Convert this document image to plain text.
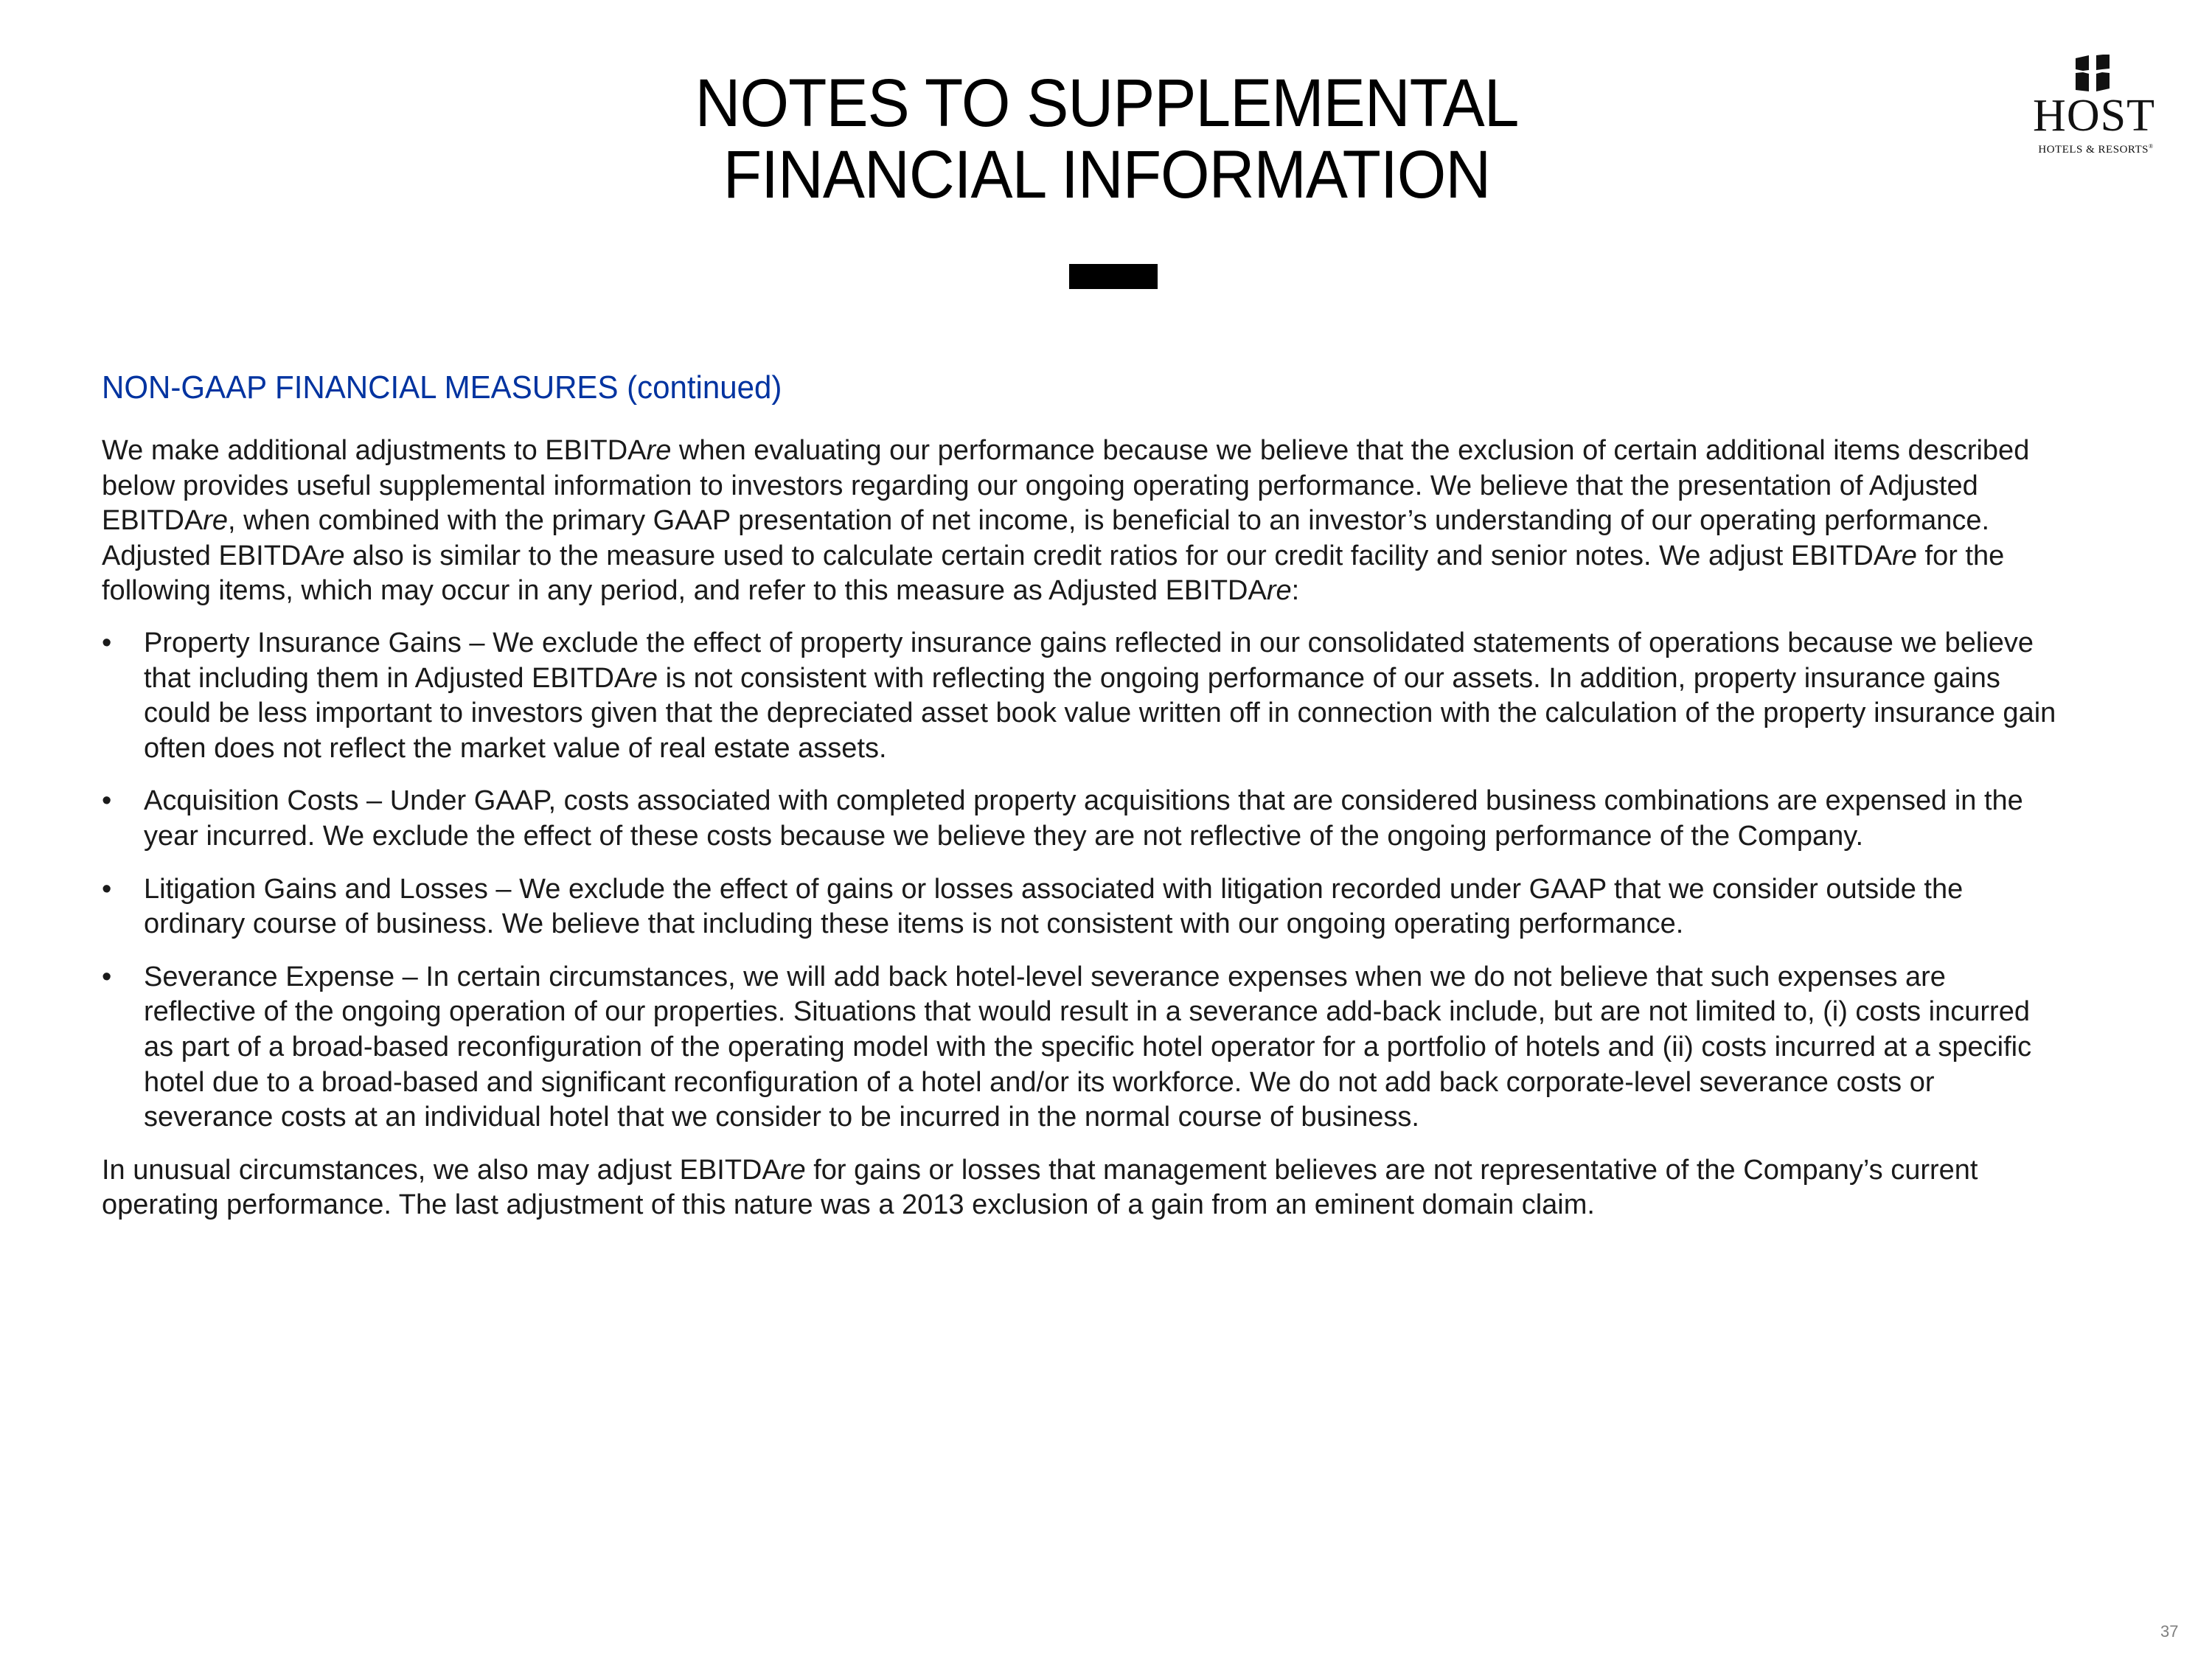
NOTES TO SUPPLEMENTAL
FINANCIAL INFORMATION
HOST
HOTELS & RESORTS®
NON-GAAP FINANCIAL MEASURES (continued)

We make additional adjustments to EBITDAre when evaluating our performance because we believe that the exclusion of certain additional items described
below provides useful supplemental information to investors regarding our ongoing operating performance. We believe that the presentation of Adjusted
EBITDAre, when combined with the primary GAAP presentation of net income, is beneficial to an investor’s understanding of our operating performance.
Adjusted EBITDAre also is similar to the measure used to calculate certain credit ratios for our credit facility and senior notes. We adjust EBITDAre for the
following items, which may occur in any period, and refer to this measure as Adjusted EBITDAre:

• Property Insurance Gains – We exclude the effect of property insurance gains reflected in our consolidated statements of operations because we believe
that including them in Adjusted EBITDAre is not consistent with reflecting the ongoing performance of our assets. In addition, property insurance gains
could be less important to investors given that the depreciated asset book value written off in connection with the calculation of the property insurance gain
often does not reflect the market value of real estate assets.
• Acquisition Costs – Under GAAP, costs associated with completed property acquisitions that are considered business combinations are expensed in the
year incurred. We exclude the effect of these costs because we believe they are not reflective of the ongoing performance of the Company.
• Litigation Gains and Losses – We exclude the effect of gains or losses associated with litigation recorded under GAAP that we consider outside the
ordinary course of business. We believe that including these items is not consistent with our ongoing operating performance.
• Severance Expense – In certain circumstances, we will add back hotel-level severance expenses when we do not believe that such expenses are
reflective of the ongoing operation of our properties. Situations that would result in a severance add-back include, but are not limited to, (i) costs incurred
as part of a broad-based reconfiguration of the operating model with the specific hotel operator for a portfolio of hotels and (ii) costs incurred at a specific
hotel due to a broad-based and significant reconfiguration of a hotel and/or its workforce. We do not add back corporate-level severance costs or
severance costs at an individual hotel that we consider to be incurred in the normal course of business.

In unusual circumstances, we also may adjust EBITDAre for gains or losses that management believes are not representative of the Company’s current
operating performance. The last adjustment of this nature was a 2013 exclusion of a gain from an eminent domain claim.

37
